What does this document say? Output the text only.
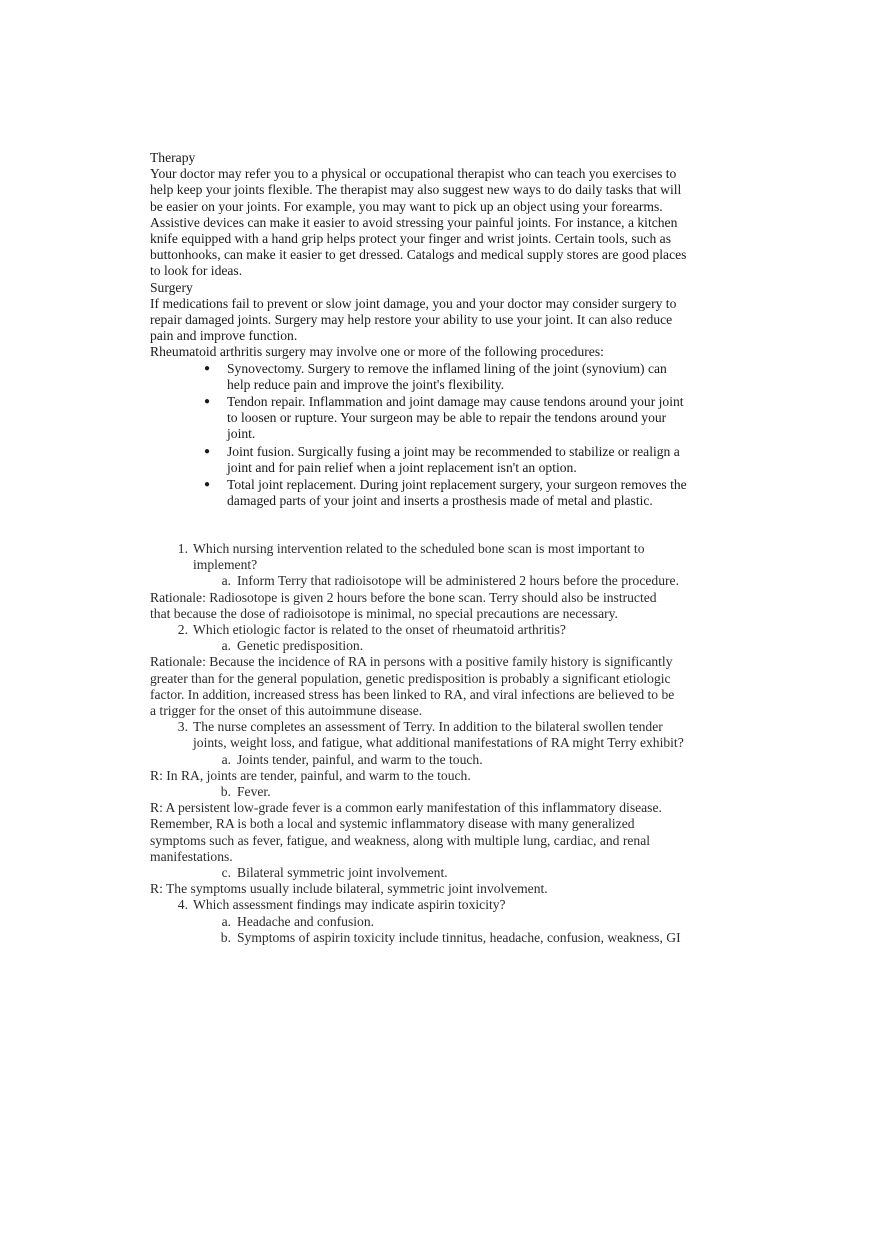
Therapy

Your doctor may refer you to a physical or occupational therapist who can teach you exercises to help keep your joints flexible. The therapist may also suggest new ways to do daily tasks that will be easier on your joints. For example, you may want to pick up an object using your forearms.

Assistive devices can make it easier to avoid stressing your painful joints. For instance, a kitchen knife equipped with a hand grip helps protect your finger and wrist joints. Certain tools, such as buttonhooks, can make it easier to get dressed. Catalogs and medical supply stores are good places to look for ideas.

Surgery

If medications fail to prevent or slow joint damage, you and your doctor may consider surgery to repair damaged joints. Surgery may help restore your ability to use your joint. It can also reduce pain and improve function.

Rheumatoid arthritis surgery may involve one or more of the following procedures:

● Synovectomy. Surgery to remove the inflamed lining of the joint (synovium) can help reduce pain and improve the joint's flexibility.
● Tendon repair. Inflammation and joint damage may cause tendons around your joint to loosen or rupture. Your surgeon may be able to repair the tendons around your joint.
● Joint fusion. Surgically fusing a joint may be recommended to stabilize or realign a joint and for pain relief when a joint replacement isn't an option.
● Total joint replacement. During joint replacement surgery, your surgeon removes the damaged parts of your joint and inserts a prosthesis made of metal and plastic.
1. Which nursing intervention related to the scheduled bone scan is most important to implement?
a. Inform Terry that radioisotope will be administered 2 hours before the procedure.
Rationale: Radiosotope is given 2 hours before the bone scan. Terry should also be instructed that because the dose of radioisotope is minimal, no special precautions are necessary.
2. Which etiologic factor is related to the onset of rheumatoid arthritis?
a. Genetic predisposition.
Rationale: Because the incidence of RA in persons with a positive family history is significantly greater than for the general population, genetic predisposition is probably a significant etiologic factor. In addition, increased stress has been linked to RA, and viral infections are believed to be a trigger for the onset of this autoimmune disease.
3. The nurse completes an assessment of Terry. In addition to the bilateral swollen tender joints, weight loss, and fatigue, what additional manifestations of RA might Terry exhibit?
a. Joints tender, painful, and warm to the touch.
R: In RA, joints are tender, painful, and warm to the touch.
b. Fever.
R: A persistent low-grade fever is a common early manifestation of this inflammatory disease. Remember, RA is both a local and systemic inflammatory disease with many generalized symptoms such as fever, fatigue, and weakness, along with multiple lung, cardiac, and renal manifestations.
c. Bilateral symmetric joint involvement.
R: The symptoms usually include bilateral, symmetric joint involvement.
4. Which assessment findings may indicate aspirin toxicity?
a. Headache and confusion.
b. Symptoms of aspirin toxicity include tinnitus, headache, confusion, weakness, GI
